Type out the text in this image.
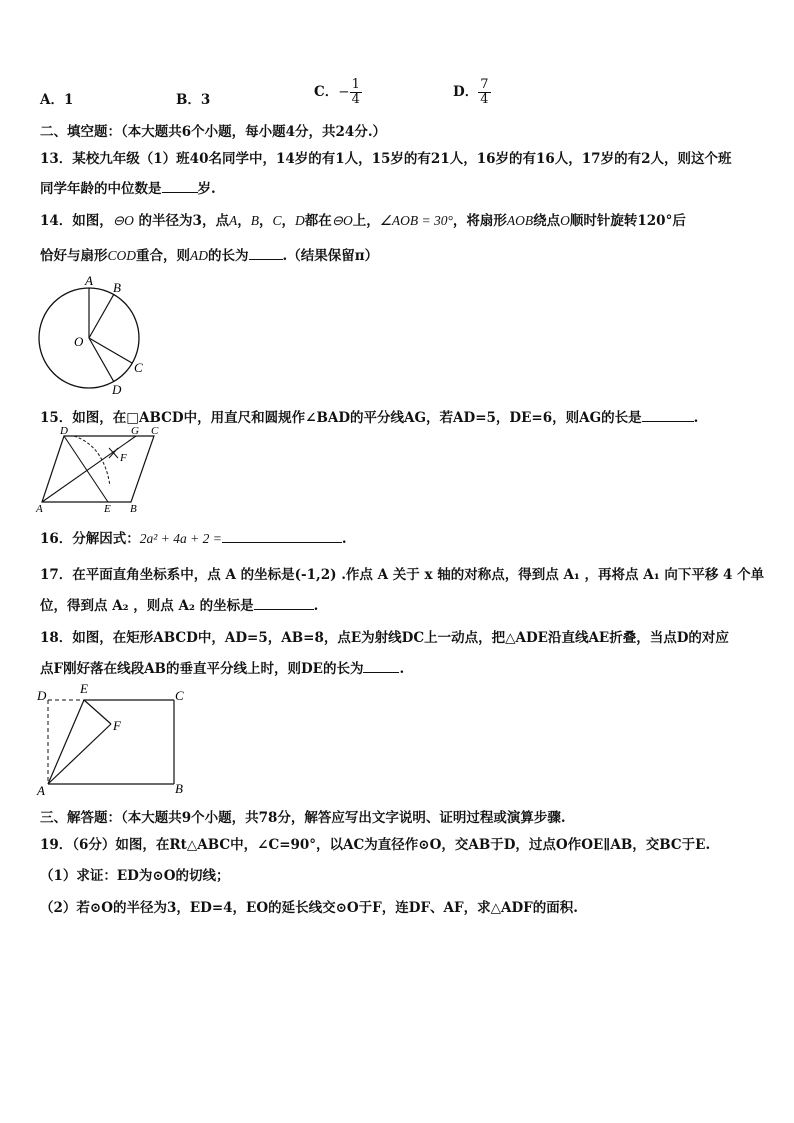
A．1	B．3	C．− $\frac{1}{4}$	D． $\frac{7}{4}$
二、填空题：（本大题共6个小题，每小题4分，共24分.）
13．某校九年级（1）班40名同学中，14岁的有1人，15岁的有21人，16岁的有16人，17岁的有2人，则这个班
同学年龄的中位数是	岁.
14．如图，⊖O 的半径为3，点A，B，C，D都在⊖O上，∠AOB = 30°，将扇形AOB绕点O顺时针旋转120°后
恰好与扇形COD重合，则AD的长为	.（结果保留π）
A B
O
C
D
15．如图，在□ABCD中，用直尺和圆规作∠BAD的平分线AG，若AD=5，DE=6，则AG的长是	.
D	G C
F
A	E B
16．分解因式：2a² + 4a + 2 =	.
17．在平面直角坐标系中，点 A 的坐标是(-1,2) .作点 A 关于 x 轴的对称点，得到点 A₁ ，再将点 A₁ 向下平移 4 个单
位，得到点 A₂ ，则点 A₂ 的坐标是	.
18．如图，在矩形ABCD中，AD=5，AB=8，点E为射线DC上一动点，把△ADE沿直线AE折叠，当点D的对应
点F刚好落在线段AB的垂直平分线上时，则DE的长为	.
D	E	C
F
A	B
三、解答题：（本大题共9个小题，共78分，解答应写出文字说明、证明过程或演算步骤.
19．（6分）如图，在Rt△ABC中，∠C=90°，以AC为直径作⊙O，交AB于D，过点O作OE∥AB，交BC于E.
（1）求证：ED为⊙O的切线；
（2）若⊙O的半径为3，ED=4，EO的延长线交⊙O于F，连DF、AF，求△ADF的面积.
